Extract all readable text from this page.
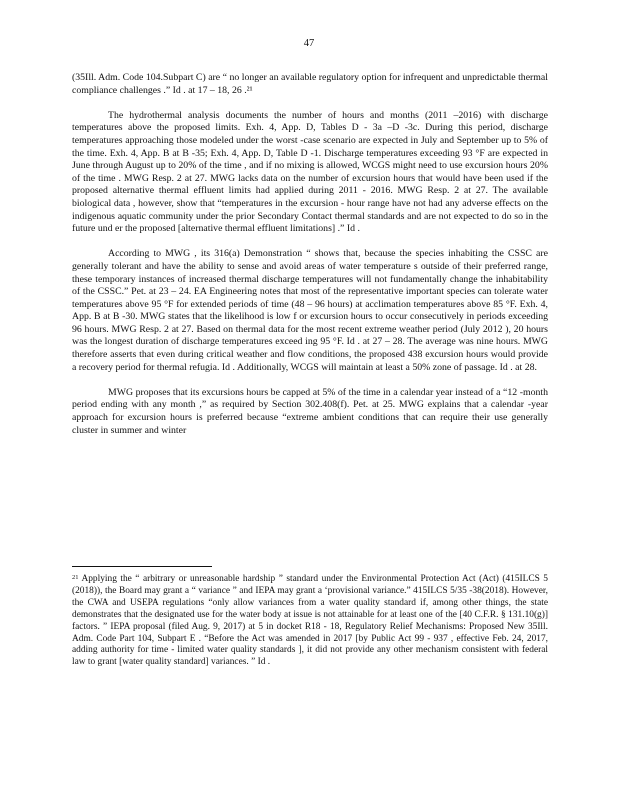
47

(35Ill. Adm. Code 104.Subpart C) are “ no longer an available regulatory option for infrequent and unpredictable thermal compliance challenges .” Id . at 17 – 18, 26 .²¹

The hydrothermal analysis documents the number of hours and months (2011 –2016) with discharge temperatures above the proposed limits. Exh. 4, App. D, Tables D - 3a –D -3c. During this period, discharge temperatures approaching those modeled under the worst -case scenario are expected in July and September up to 5% of the time. Exh. 4, App. B at B -35; Exh. 4, App. D, Table D -1. Discharge temperatures exceeding 93 °F are expected in June through August up to 20% of the time , and if no mixing is allowed, WCGS might need to use excursion hours 20% of the time . MWG Resp. 2 at 27. MWG lacks data on the number of excursion hours that would have been used if the proposed alternative thermal effluent limits had applied during 2011 - 2016. MWG Resp. 2 at 27. The available biological data , however, show that “temperatures in the excursion - hour range have not had any adverse effects on the indigenous aquatic community under the prior Secondary Contact thermal standards and are not expected to do so in the future und er the proposed [alternative thermal effluent limitations] .” Id .

According to MWG , its 316(a) Demonstration “ shows that, because the species inhabiting the CSSC are generally tolerant and have the ability to sense and avoid areas of water temperature s outside of their preferred range, these temporary instances of increased thermal discharge temperatures will not fundamentally change the inhabitability of the CSSC.” Pet. at 23 – 24. EA Engineering notes that most of the representative important species can tolerate water temperatures above 95 °F for extended periods of time (48 – 96 hours) at acclimation temperatures above 85 °F. Exh. 4, App. B at B -30. MWG states that the likelihood is low f or excursion hours to occur consecutively in periods exceeding 96 hours. MWG Resp. 2 at 27. Based on thermal data for the most recent extreme weather period (July 2012 ), 20 hours was the longest duration of discharge temperatures exceed ing 95 °F. Id . at 27 – 28. The average was nine hours. MWG therefore asserts that even during critical weather and flow conditions, the proposed 438 excursion hours would provide a recovery period for thermal refugia. Id . Additionally, WCGS will maintain at least a 50% zone of passage. Id . at 28.

MWG proposes that its excursions hours be capped at 5% of the time in a calendar year instead of a “12 -month period ending with any month ,” as required by Section 302.408(f). Pet. at 25. MWG explains that a calendar -year approach for excursion hours is preferred because “extreme ambient conditions that can require their use generally cluster in summer and winter

$^{21}$ Applying the “ arbitrary or unreasonable hardship ” standard under the Environmental Protection Act (Act) (415ILCS 5 (2018)), the Board may grant a “ variance ” and IEPA may grant a ‘provisional variance.” 415ILCS 5/35 -38(2018). However, the CWA and USEPA regulations “only allow variances from a water quality standard if, among other things, the state demonstrates that the designated use for the water body at issue is not attainable for at least one of the [40 C.F.R. § 131.10(g)] factors. ” IEPA proposal (filed Aug. 9, 2017) at 5 in docket R18 - 18, Regulatory Relief Mechanisms: Proposed New 35Ill. Adm. Code Part 104, Subpart E . “Before the Act was amended in 2017 [by Public Act 99 - 937 , effective Feb. 24, 2017, adding authority for time - limited water quality standards ], it did not provide any other mechanism consistent with federal law to grant [water quality standard] variances. ” Id .
